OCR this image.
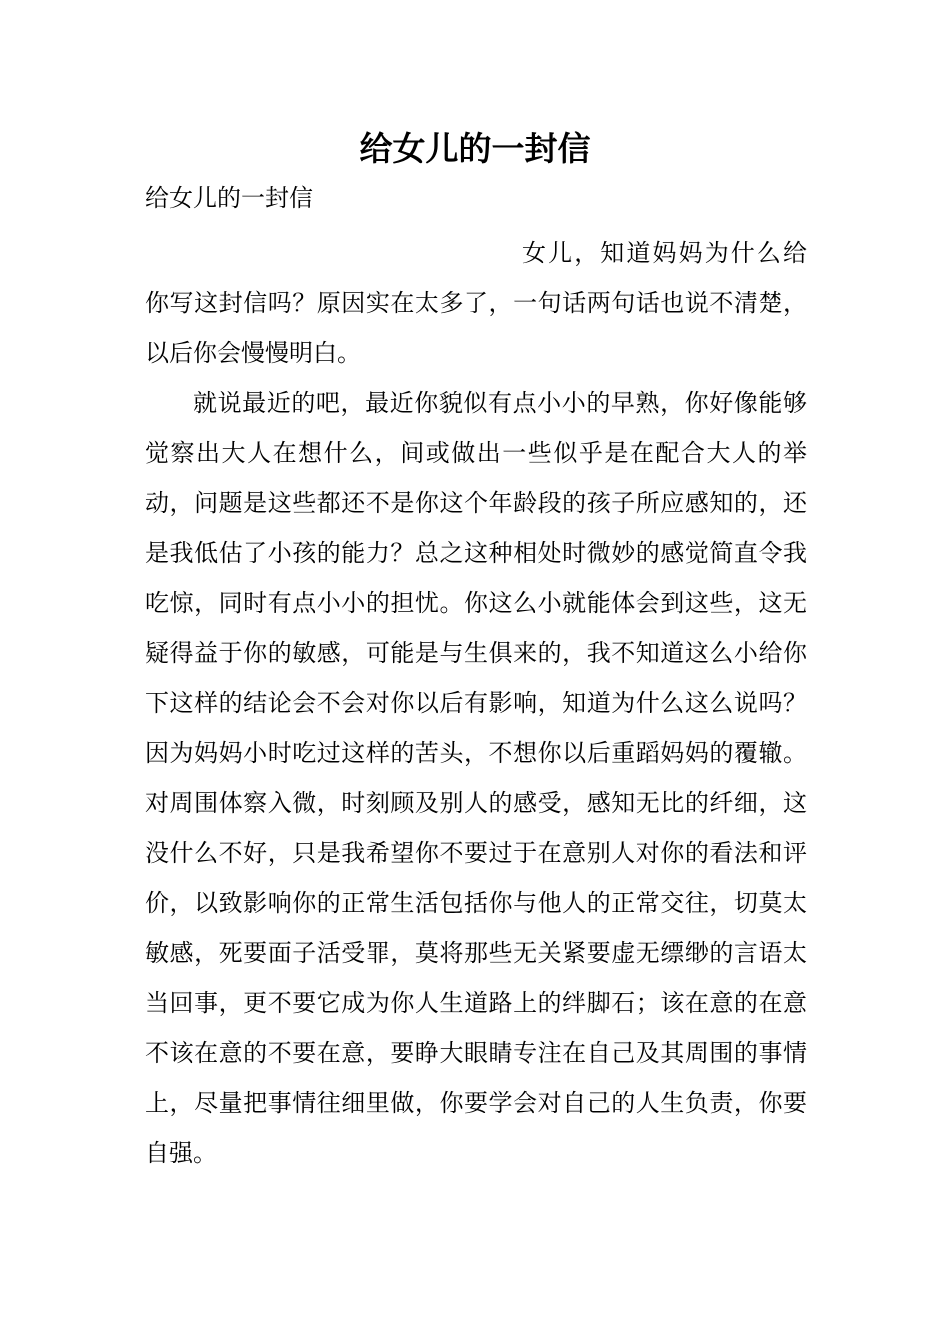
给女儿的一封信
给女儿的一封信

女儿，知道妈妈为什么给你写这封信吗？原因实在太多了，一句话两句话也说不清楚，以后你会慢慢明白。

就说最近的吧，最近你貌似有点小小的早熟，你好像能够觉察出大人在想什么，间或做出一些似乎是在配合大人的举动，问题是这些都还不是你这个年龄段的孩子所应感知的，还是我低估了小孩的能力？总之这种相处时微妙的感觉简直令我吃惊，同时有点小小的担忧。你这么小就能体会到这些，这无疑得益于你的敏感，可能是与生俱来的，我不知道这么小给你下这样的结论会不会对你以后有影响，知道为什么这么说吗？因为妈妈小时吃过这样的苦头，不想你以后重蹈妈妈的覆辙。对周围体察入微，时刻顾及别人的感受，感知无比的纤细，这没什么不好，只是我希望你不要过于在意别人对你的看法和评价，以致影响你的正常生活包括你与他人的正常交往，切莫太敏感，死要面子活受罪，莫将那些无关紧要虚无缥缈的言语太当回事，更不要它成为你人生道路上的绊脚石；该在意的在意不该在意的不要在意，要睁大眼睛专注在自己及其周围的事情上，尽量把事情往细里做，你要学会对自己的人生负责，你要自强。
